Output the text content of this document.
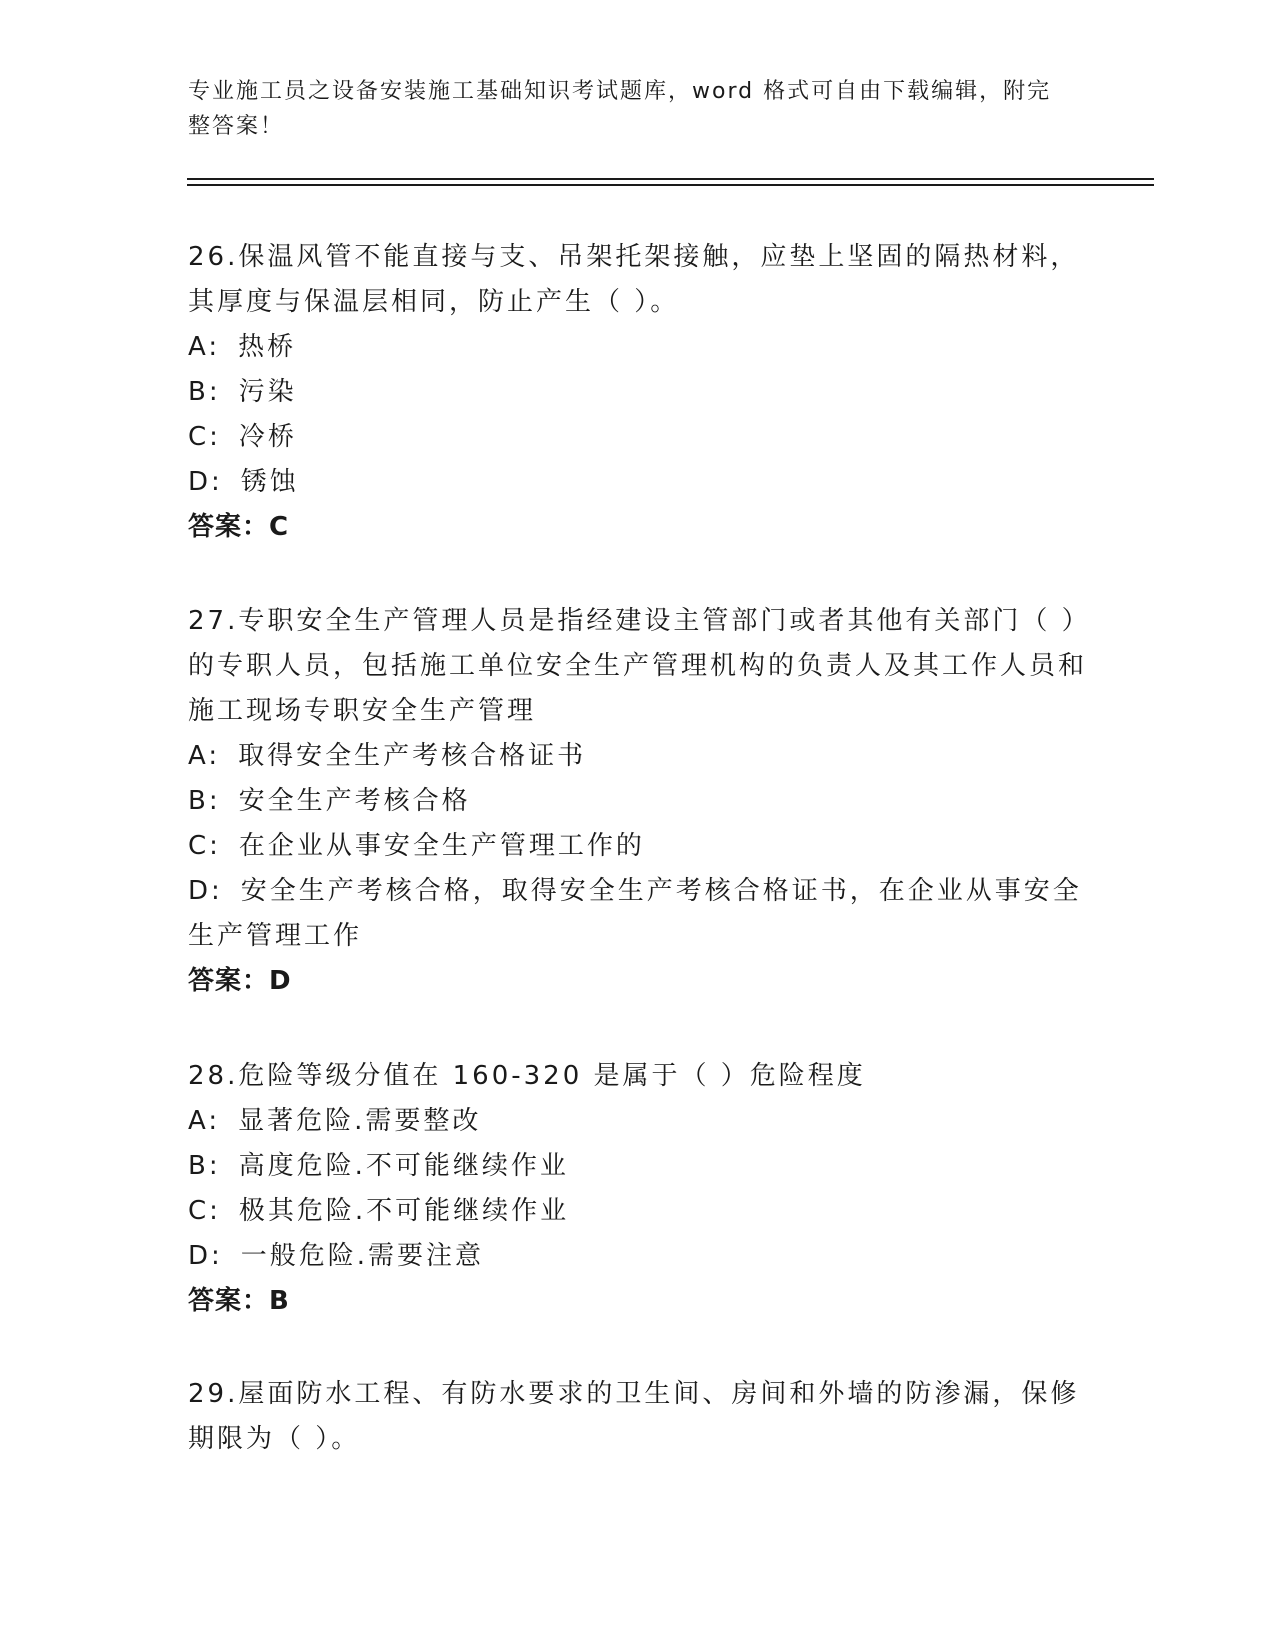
专业施工员之设备安装施工基础知识考试题库，word 格式可自由下载编辑，附完整答案！

26.保温风管不能直接与支、吊架托架接触，应垫上坚固的隔热材料，其厚度与保温层相同，防止产生（ ）。

A: 热桥
B: 污染
C: 冷桥
D: 锈蚀

答案：C

27.专职安全生产管理人员是指经建设主管部门或者其他有关部门（ ）的专职人员，包括施工单位安全生产管理机构的负责人及其工作人员和施工现场专职安全生产管理

A: 取得安全生产考核合格证书
B: 安全生产考核合格
C: 在企业从事安全生产管理工作的
D: 安全生产考核合格，取得安全生产考核合格证书，在企业从事安全生产管理工作

答案：D

28.危险等级分值在 160-320 是属于（ ）危险程度

A: 显著危险.需要整改
B: 高度危险.不可能继续作业
C: 极其危险.不可能继续作业
D: 一般危险.需要注意

答案：B

29.屋面防水工程、有防水要求的卫生间、房间和外墙的防渗漏，保修期限为（ ）。
